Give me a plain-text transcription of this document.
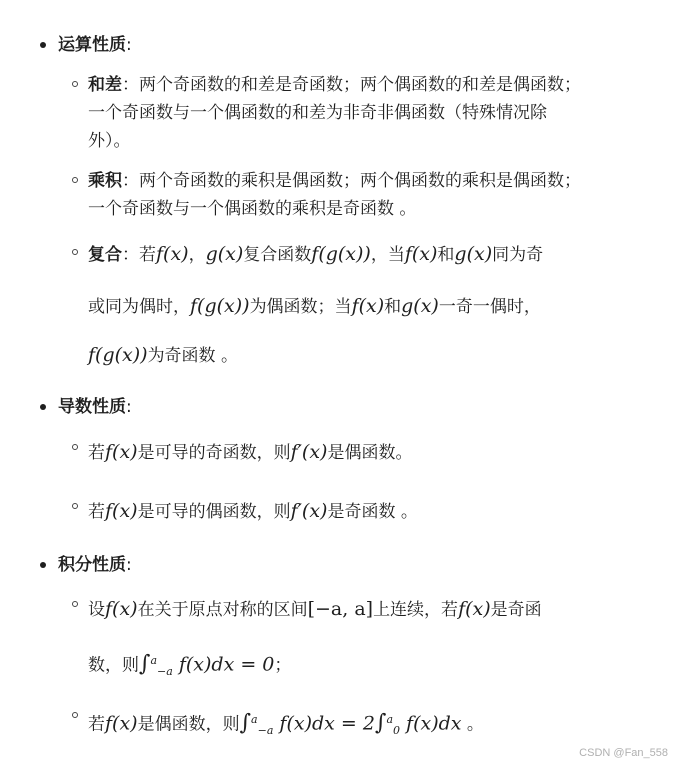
运算性质:
和差：两个奇函数的和差是奇函数；两个偶函数的和差是偶函数；
一个奇函数与一个偶函数的和差为非奇非偶函数（特殊情况除
外）。
乘积：两个奇函数的乘积是偶函数；两个偶函数的乘积是偶函数；
一个奇函数与一个偶函数的乘积是奇函数 。
复合：若f(x)，g(x)复合函数f(g(x))，当f(x)和g(x)同为奇
或同为偶时，f(g(x))为偶函数；当f(x)和g(x)一奇一偶时，
f(g(x))为奇函数 。
导数性质:
若f(x)是可导的奇函数，则f′(x)是偶函数。
若f(x)是可导的偶函数，则f′(x)是奇函数 。
积分性质:
设f(x)在关于原点对称的区间[−a, a]上连续，若f(x)是奇函
数，则∫$^a_{-a}$ f(x)dx = 0；
若f(x)是偶函数，则∫$^a_{-a}$ f(x)dx = 2∫$^a_0$ f(x)dx 。
CSDN @Fan_558
